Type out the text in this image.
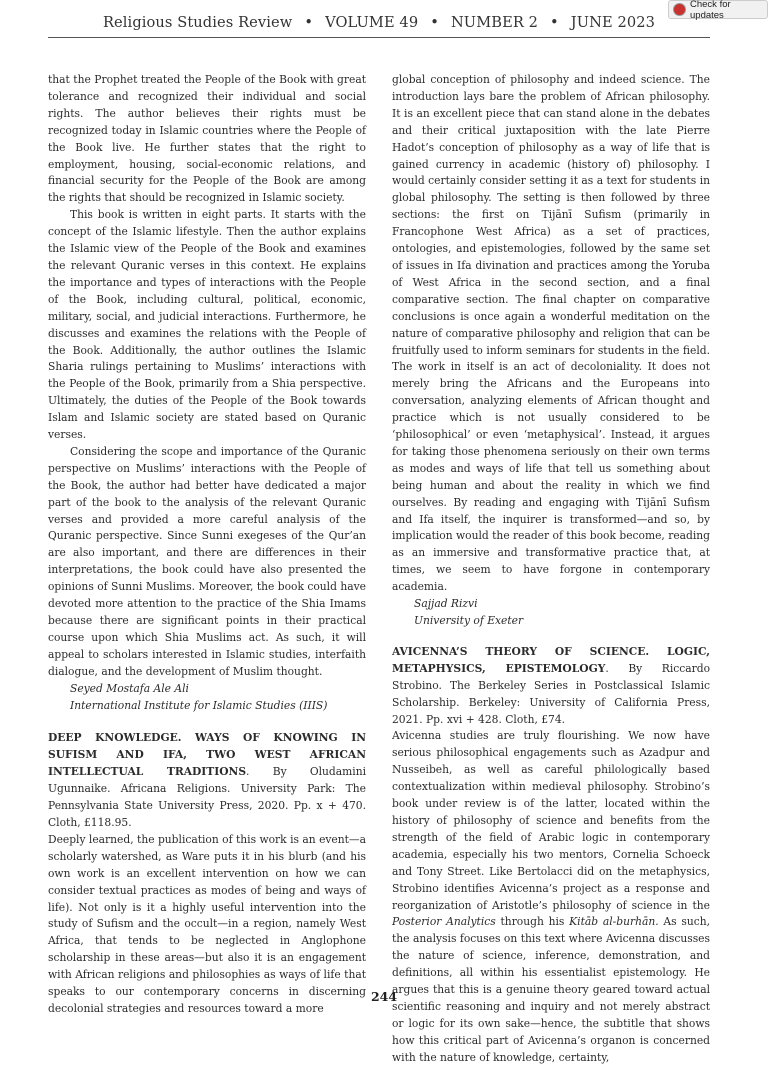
Religious Studies Review • VOLUME 49 • NUMBER 2 • JUNE 2023
Check for updates

that the Prophet treated the People of the Book with great tolerance and recognized their individual and social rights. The author believes their rights must be recognized today in Islamic countries where the People of the Book live. He further states that the right to employment, housing, social-economic relations, and financial security for the People of the Book are among the rights that should be recognized in Islamic society.

This book is written in eight parts. It starts with the concept of the Islamic lifestyle. Then the author explains the Islamic view of the People of the Book and examines the relevant Quranic verses in this context. He explains the importance and types of interactions with the People of the Book, including cultural, political, economic, military, social, and judicial interactions. Furthermore, he discusses and examines the relations with the People of the Book. Additionally, the author outlines the Islamic Sharia rulings pertaining to Muslims’ interactions with the People of the Book, primarily from a Shia perspective. Ultimately, the duties of the People of the Book towards Islam and Islamic society are stated based on Quranic verses.

Considering the scope and importance of the Quranic perspective on Muslims’ interactions with the People of the Book, the author had better have dedicated a major part of the book to the analysis of the relevant Quranic verses and provided a more careful analysis of the Quranic perspective. Since Sunni exegeses of the Qur’an are also important, and there are differences in their interpretations, the book could have also presented the opinions of Sunni Muslims. Moreover, the book could have devoted more attention to the practice of the Shia Imams because there are significant points in their practical course upon which Shia Muslims act. As such, it will appeal to scholars interested in Islamic studies, interfaith dialogue, and the development of Muslim thought.

Seyed Mostafa Ale Ali

International Institute for Islamic Studies (IIIS)

DEEP KNOWLEDGE. WAYS OF KNOWING IN SUFISM AND IFA, TWO WEST AFRICAN INTELLECTUAL TRADITIONS. By Oludamini Ugunnaike. Africana Religions. University Park: The Pennsylvania State University Press, 2020. Pp. x + 470. Cloth, £118.95.

Deeply learned, the publication of this work is an event—a scholarly watershed, as Ware puts it in his blurb (and his own work is an excellent intervention on how we can consider textual practices as modes of being and ways of life). Not only is it a highly useful intervention into the study of Sufism and the occult—in a region, namely West Africa, that tends to be neglected in Anglophone scholarship in these areas—but also it is an engagement with African religions and philosophies as ways of life that speaks to our contemporary concerns in discerning decolonial strategies and resources toward a more

global conception of philosophy and indeed science. The introduction lays bare the problem of African philosophy. It is an excellent piece that can stand alone in the debates and their critical juxtaposition with the late Pierre Hadot’s conception of philosophy as a way of life that is gained currency in academic (history of) philosophy. I would certainly consider setting it as a text for students in global philosophy. The setting is then followed by three sections: the first on Tijānī Sufism (primarily in Francophone West Africa) as a set of practices, ontologies, and epistemologies, followed by the same set of issues in Ifa divination and practices among the Yoruba of West Africa in the second section, and a final comparative section. The final chapter on comparative conclusions is once again a wonderful meditation on the nature of comparative philosophy and religion that can be fruitfully used to inform seminars for students in the field. The work in itself is an act of decoloniality. It does not merely bring the Africans and the Europeans into conversation, analyzing elements of African thought and practice which is not usually considered to be ‘philosophical’ or even ‘metaphysical’. Instead, it argues for taking those phenomena seriously on their own terms as modes and ways of life that tell us something about being human and about the reality in which we find ourselves. By reading and engaging with Tijānī Sufism and Ifa itself, the inquirer is transformed—and so, by implication would the reader of this book become, reading as an immersive and transformative practice that, at times, we seem to have forgone in contemporary academia.

Sajjad Rizvi

University of Exeter

AVICENNA’S THEORY OF SCIENCE. LOGIC, METAPHYSICS, EPISTEMOLOGY. By Riccardo Strobino. The Berkeley Series in Postclassical Islamic Scholarship. Berkeley: University of California Press, 2021. Pp. xvi + 428. Cloth, £74.

Avicenna studies are truly flourishing. We now have serious philosophical engagements such as Azadpur and Nusseibeh, as well as careful philologically based contextualization within medieval philosophy. Strobino’s book under review is of the latter, located within the history of philosophy of science and benefits from the strength of the field of Arabic logic in contemporary academia, especially his two mentors, Cornelia Schoeck and Tony Street. Like Bertolacci did on the metaphysics, Strobino identifies Avicenna’s project as a response and reorganization of Aristotle’s philosophy of science in the Posterior Analytics through his Kitāb al-burhān. As such, the analysis focuses on this text where Avicenna discusses the nature of science, inference, demonstration, and definitions, all within his essentialist epistemology. He argues that this is a genuine theory geared toward actual scientific reasoning and inquiry and not merely abstract or logic for its own sake—hence, the subtitle that shows how this critical part of Avicenna’s organon is concerned with the nature of knowledge, certainty,

244
